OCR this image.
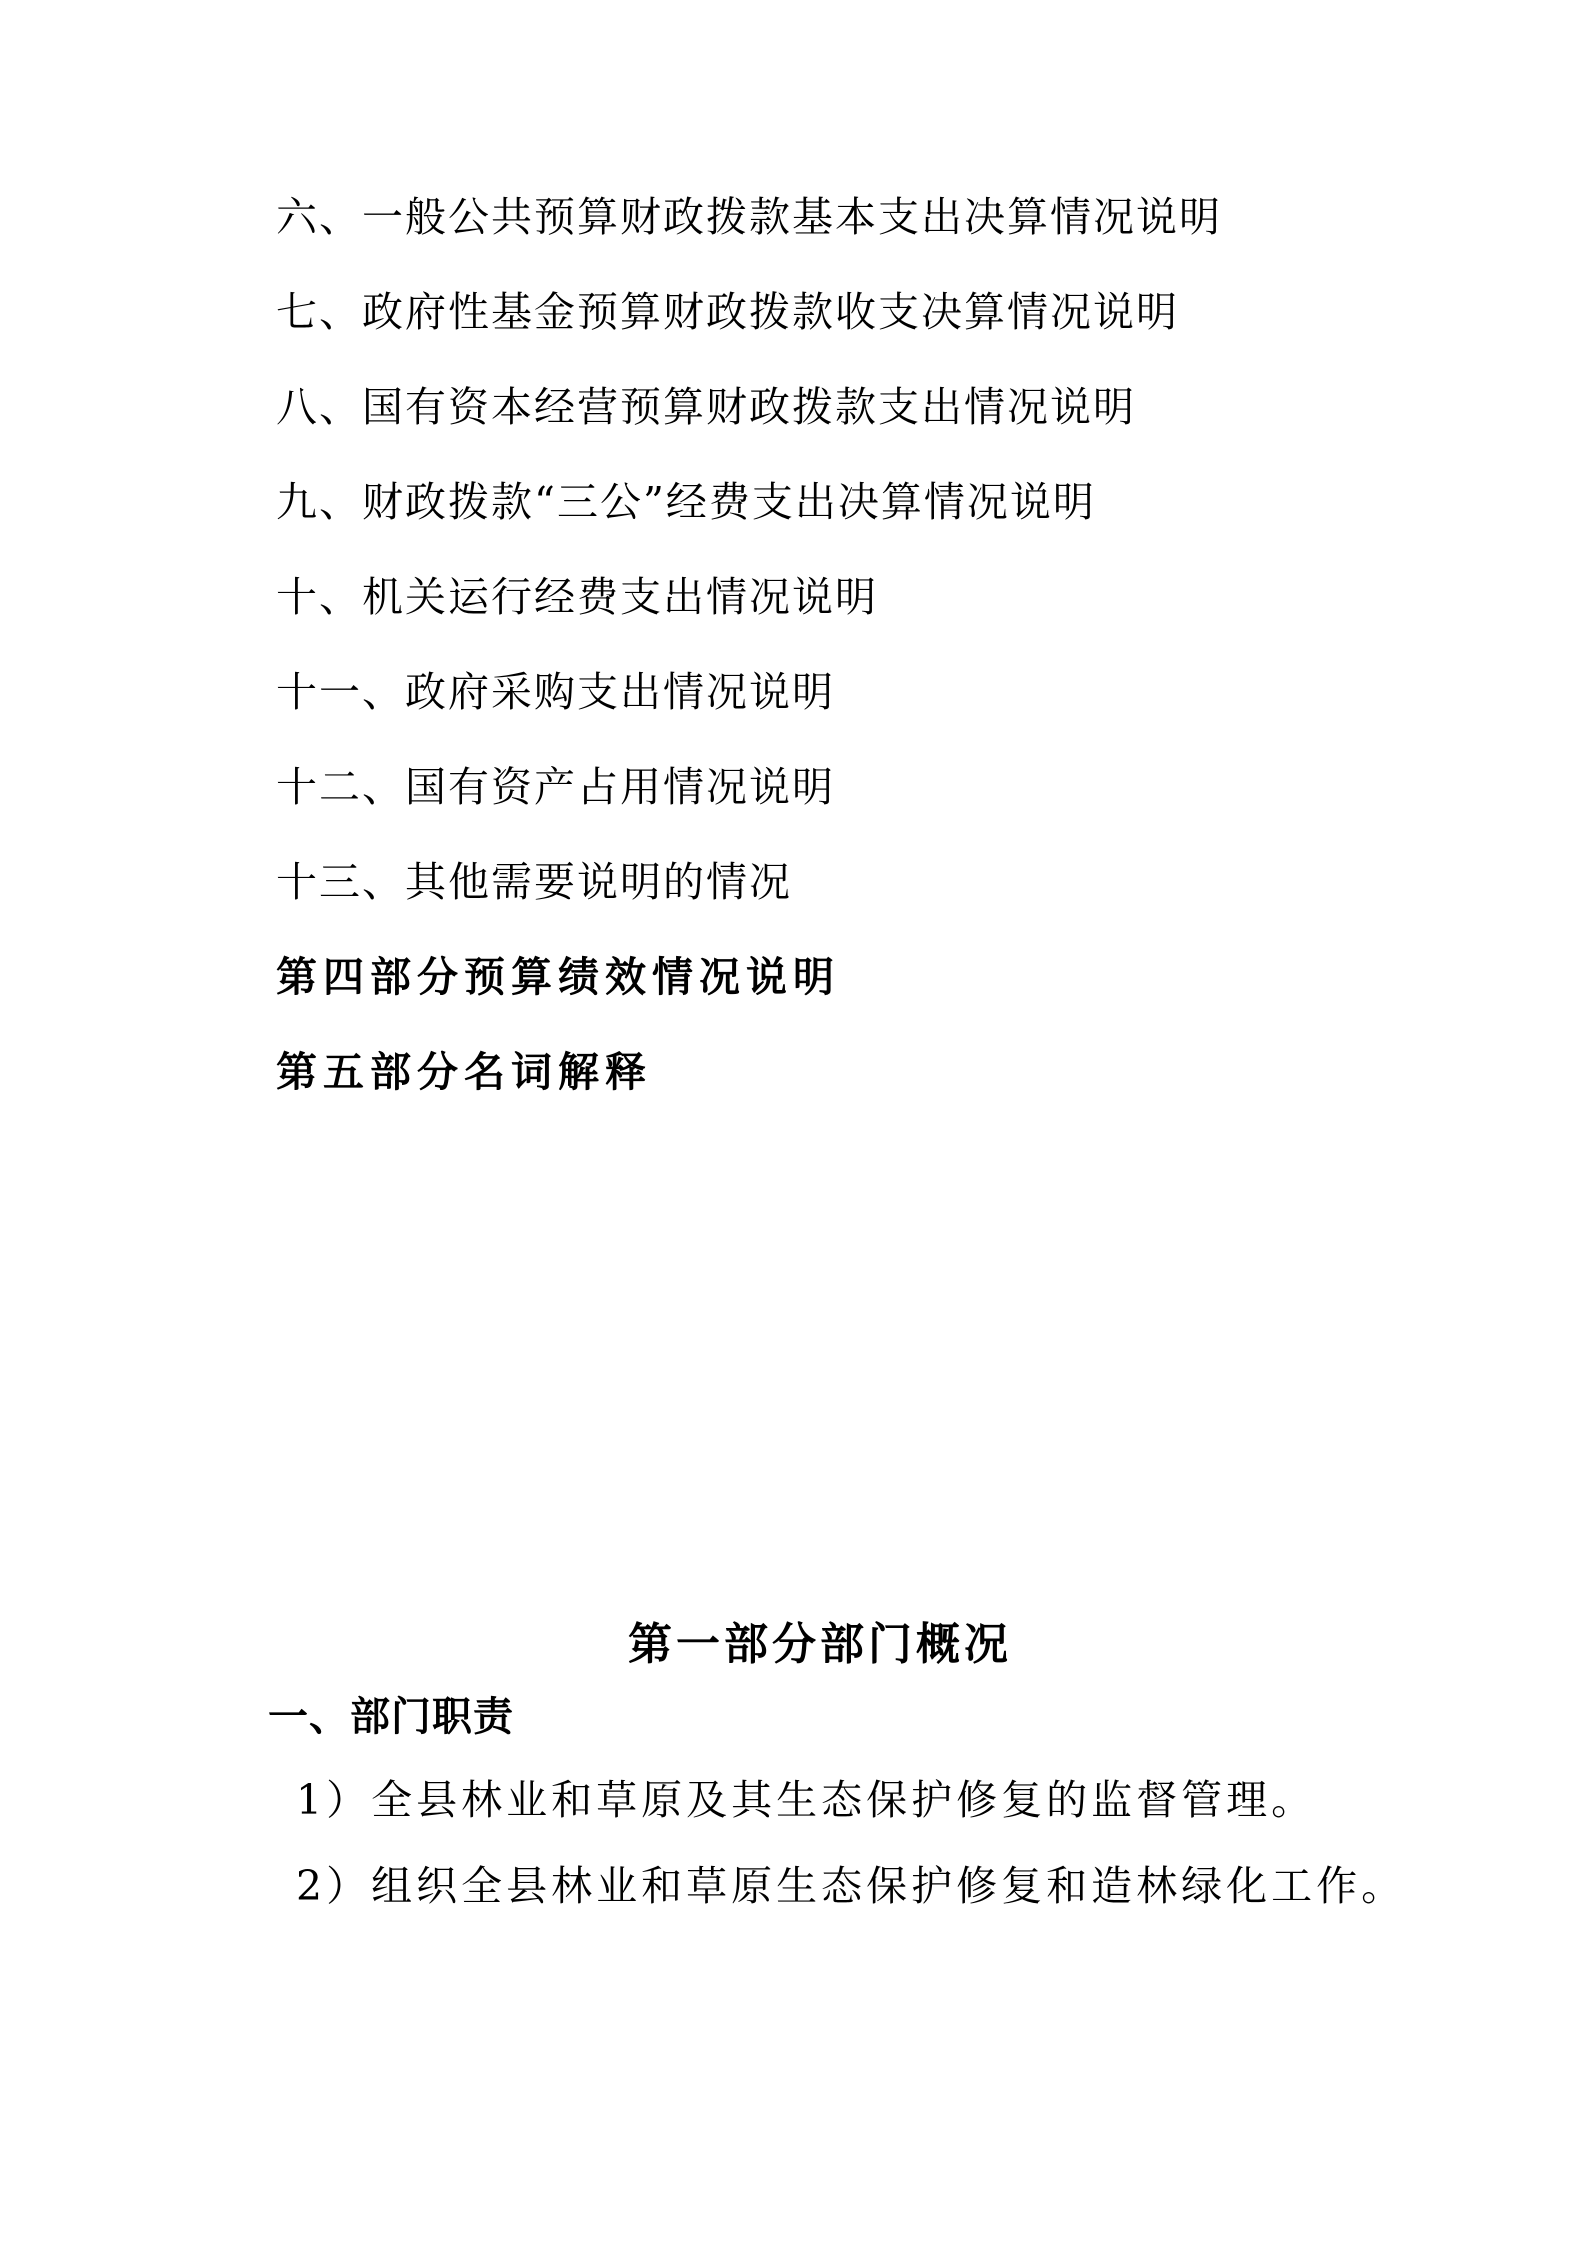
六、一般公共预算财政拨款基本支出决算情况说明
七、政府性基金预算财政拨款收支决算情况说明
八、国有资本经营预算财政拨款支出情况说明
九、财政拨款“三公”经费支出决算情况说明
十、机关运行经费支出情况说明
十一、政府采购支出情况说明
十二、国有资产占用情况说明
十三、其他需要说明的情况
第四部分预算绩效情况说明
第五部分名词解释
第一部分部门概况
一、部门职责
1）全县林业和草原及其生态保护修复的监督管理。
2）组织全县林业和草原生态保护修复和造林绿化工作。
